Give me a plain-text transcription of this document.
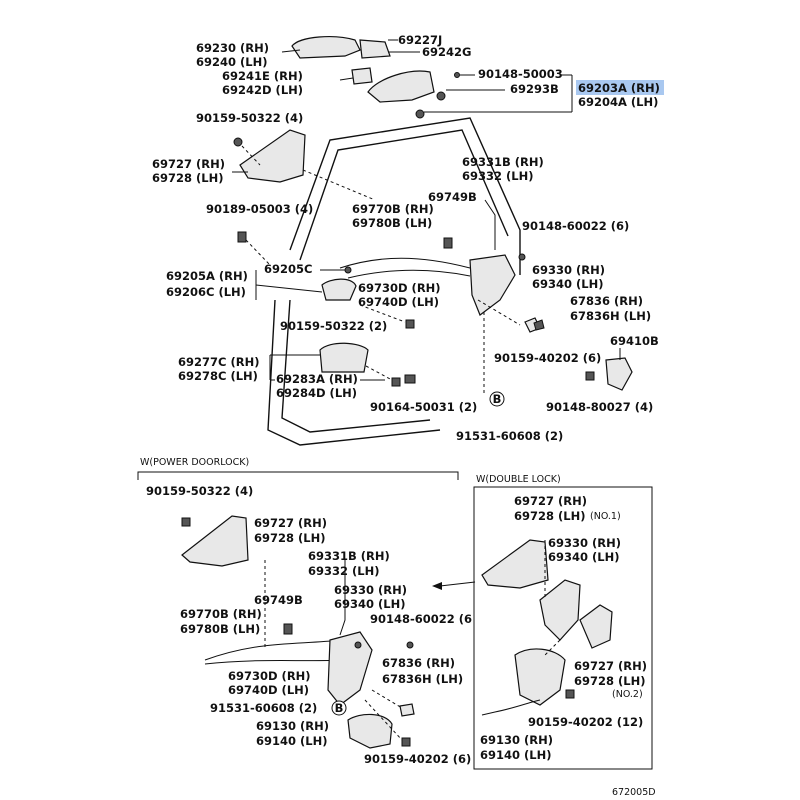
B
69230 (RH)
69240 (LH)
69227J
69242G
69241E (RH)
69242D (LH)
90148-50003
69293B 69203A (RH)
69204A (LH)
90159-50322 (4)
69727 (RH)
69728 (LH)
69331B (RH)
69332 (LH)
69749B
90189-05003 (4)	69770B (RH)
69780B (LH)	90148-60022 (6)
69205A (RH)
69206C (LH)
69205C	69330 (RH)
69340 (LH)
69730D (RH)
69740D (LH)	67836 (RH)
67836H (LH)
90159-50322 (2)
90159-40202 (6)
69410B
69277C (RH)
69278C (LH) 69283A (RH)
69284D (LH)
90164-50031 (2)	90148-80027 (4)
91531-60608 (2)
W(POWER DOORLOCK)
B
90159-50322 (4)
69727 (RH)
69728 (LH)
69331B (RH)
69332 (LH)
69330 (RH)
69340 (LH)
69749B
69770B (RH)
69780B (LH)
90148-60022 (6
69730D (RH)
69740D (LH)
67836 (RH)
67836H (LH)
91531-60608 (2)
69130 (RH)
69140 (LH)
90159-40202 (6)
W(DOUBLE LOCK)
69727 (RH)
69728 (LH) (NO.1)
69330 (RH)
69340 (LH)
69727 (RH)
69728 (LH)
(NO.2)
90159-40202 (12)
69130 (RH)
69140 (LH)
672005D
